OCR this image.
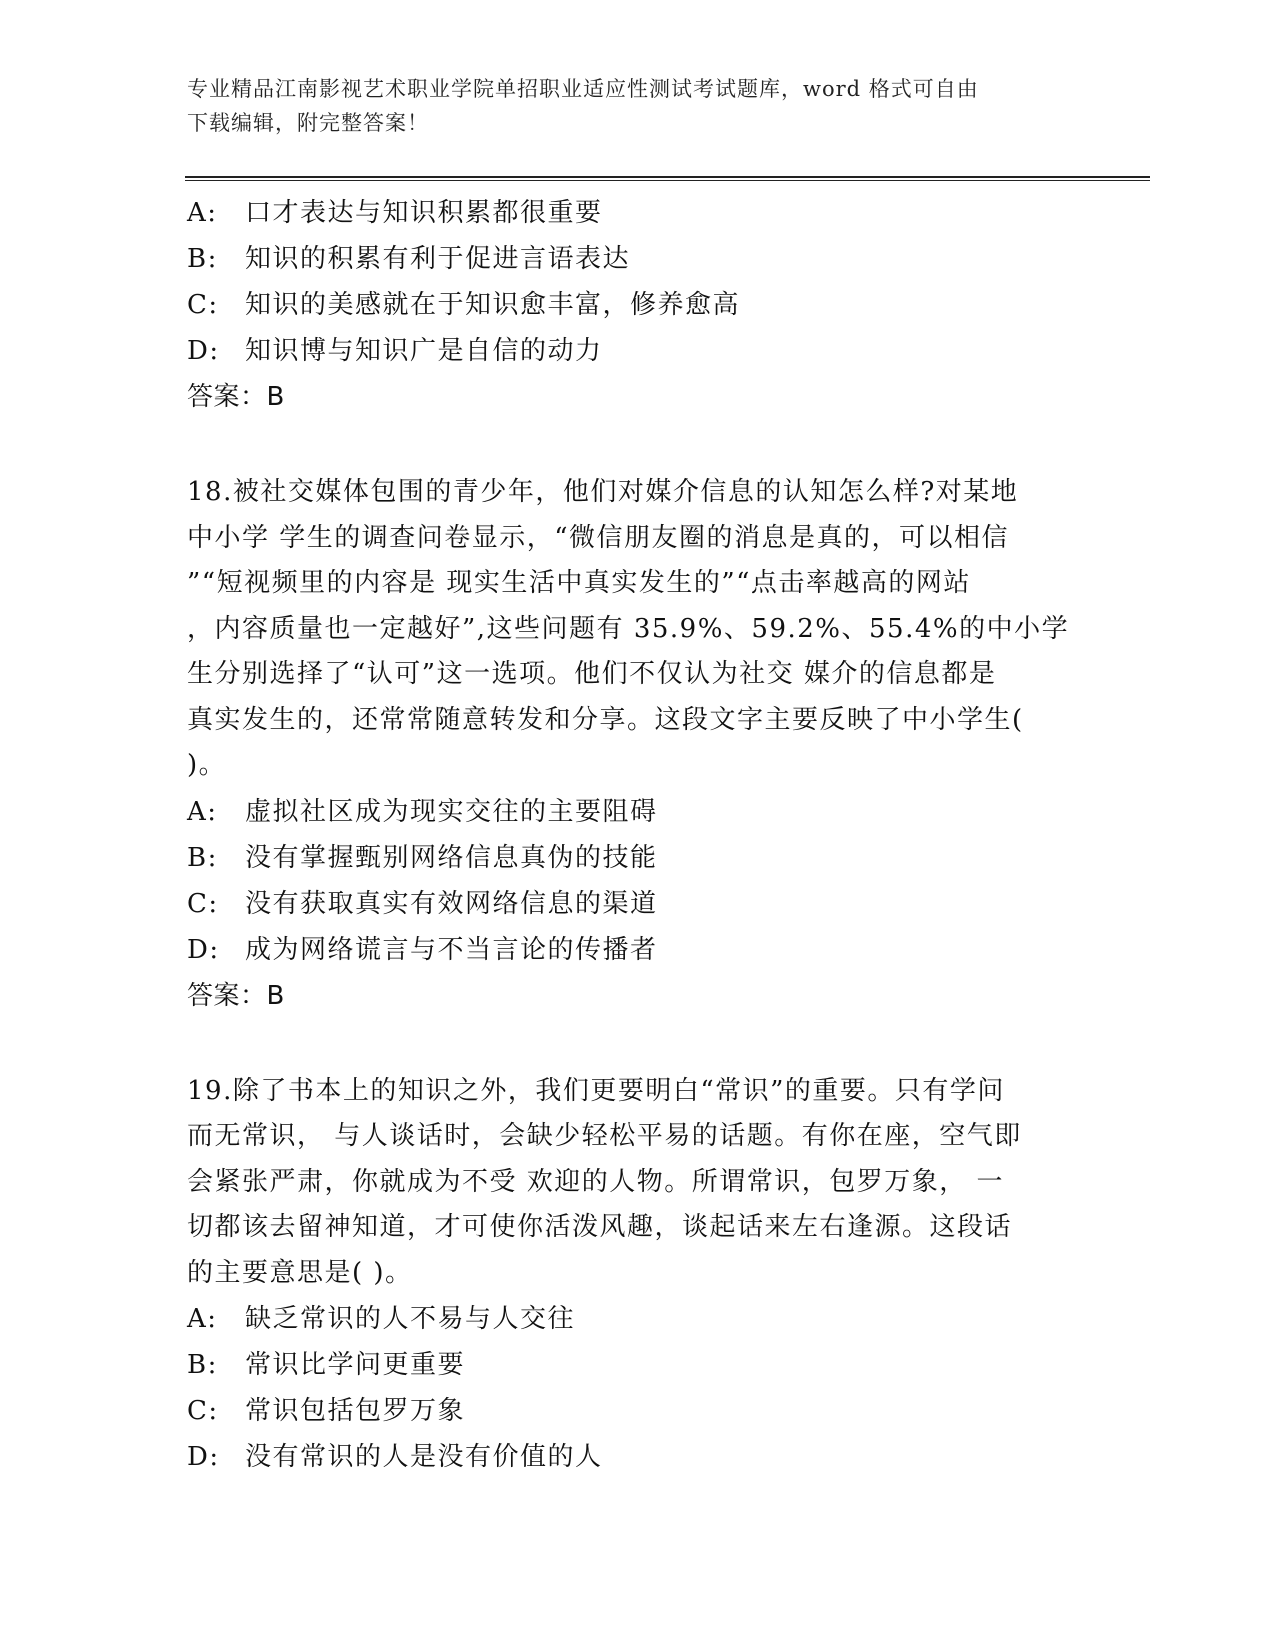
专业精品江南影视艺术职业学院单招职业适应性测试考试题库，word 格式可自由
下载编辑，附完整答案！
A: 口才表达与知识积累都很重要
B: 知识的积累有利于促进言语表达
C: 知识的美感就在于知识愈丰富，修养愈高
D: 知识博与知识广是自信的动力
答案：B
18.被社交媒体包围的青少年，他们对媒介信息的认知怎么样?对某地
中小学 学生的调查问卷显示，“微信朋友圈的消息是真的，可以相信
”“短视频里的内容是 现实生活中真实发生的”“点击率越高的网站
，内容质量也一定越好”,这些问题有 35.9%、59.2%、55.4%的中小学
生分别选择了“认可”这一选项。他们不仅认为社交 媒介的信息都是
真实发生的，还常常随意转发和分享。这段文字主要反映了中小学生(
)。
A: 虚拟社区成为现实交往的主要阻碍
B: 没有掌握甄别网络信息真伪的技能
C: 没有获取真实有效网络信息的渠道
D: 成为网络谎言与不当言论的传播者
答案：B
19.除了书本上的知识之外，我们更要明白“常识”的重要。只有学问
而无常识， 与人谈话时，会缺少轻松平易的话题。有你在座，空气即
会紧张严肃，你就成为不受 欢迎的人物。所谓常识，包罗万象， 一
切都该去留神知道，才可使你活泼风趣，谈起话来左右逢源。这段话
的主要意思是( )。
A: 缺乏常识的人不易与人交往
B: 常识比学问更重要
C: 常识包括包罗万象
D: 没有常识的人是没有价值的人
